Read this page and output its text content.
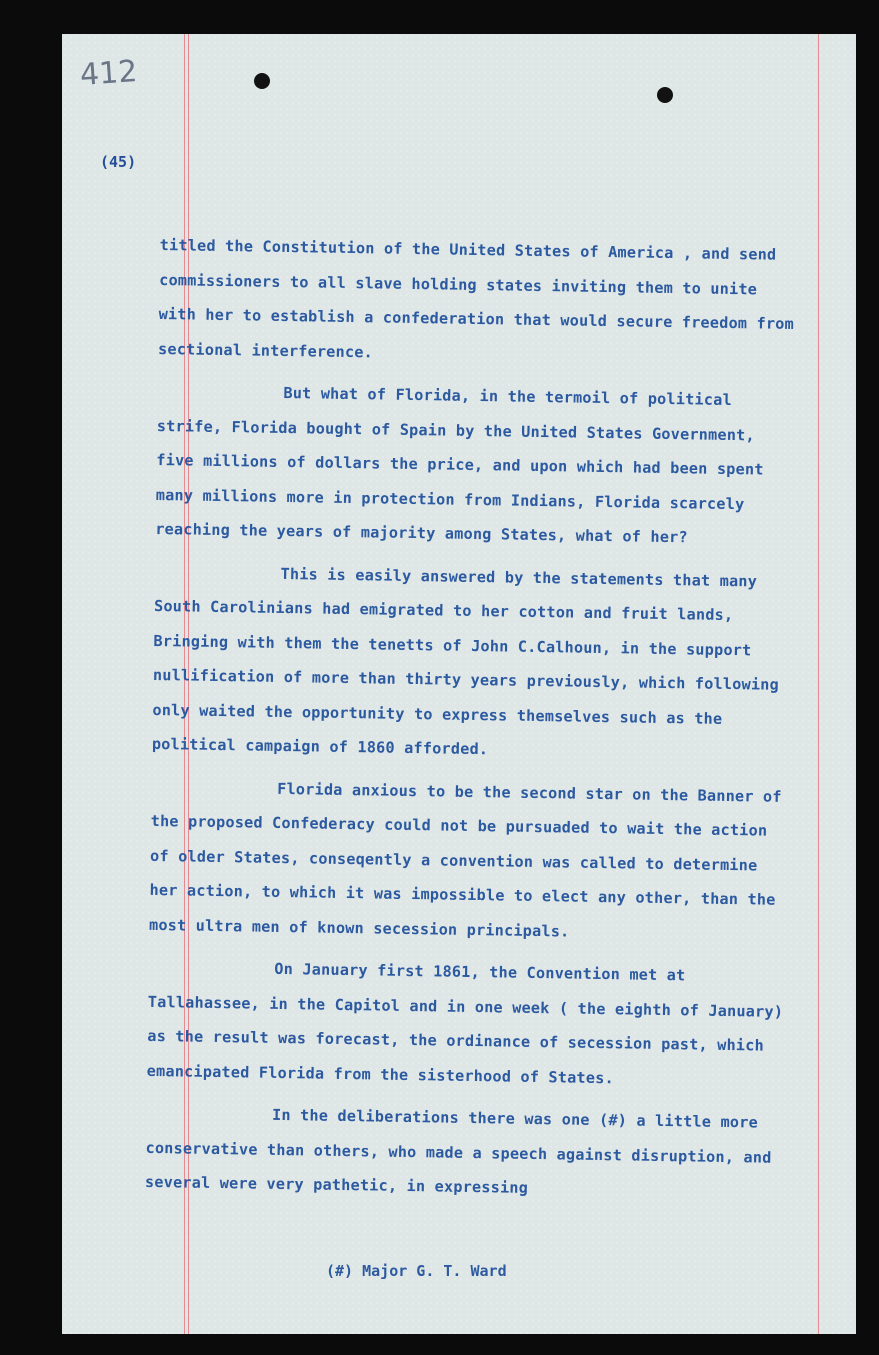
412
(45)

titled the Constitution of the United States of America , and send commissioners to all slave holding states inviting them to unite with her to establish a confederation that would secure freedom from sectional interference.

But what of Florida, in the termoil of political strife, Florida bought of Spain by the United States Government, five millions of dollars the price, and upon which had been spent many millions more in protection from Indians, Florida scarcely reaching the years of majority among States, what of her?

This is easily answered by the statements that many South Carolinians had emigrated to her cotton and fruit lands, Bringing with them the tenetts of John C.Calhoun, in the support nullification of more than thirty years previously, which following only waited the opportunity to express themselves such as the political campaign of 1860 afforded.

Florida anxious to be the second star on the Banner of the proposed Confederacy could not be pursuaded to wait the action of older States, conseqently a convention was called to determine her action, to which it was impossible to elect any other, than the most ultra men of known secession principals.

On January first 1861, the Convention met at Tallahassee, in the Capitol and in one week ( the eighth of January) as the result was forecast, the ordinance of secession past, which emancipated Florida from the sisterhood of States.

In the deliberations there was one (#) a little more conservative than others, who made a speech against disruption, and several were very pathetic, in expressing

(#) Major G. T. Ward
